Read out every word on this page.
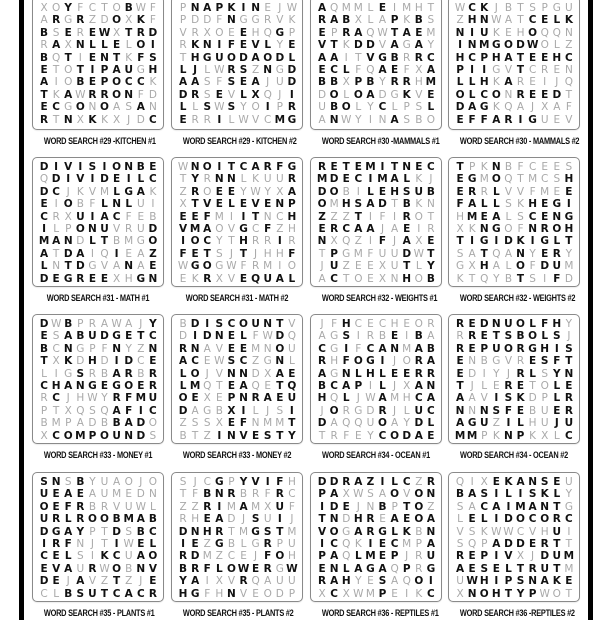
X O Y F C T O B W F
A R G R Z D O X K F
B S E R E W X T R D
R A X N L L E L O I
B Q T I E N T K F S
E T O T I P A U G H
A I O B E P O C C K
T K A W R R O N F D
E C G O N O A S A N
R T N X K K X J D C
WORD SEARCH #29 -KITCHEN #1
P N A P K I N E J W
P D D F N G G R V K
V R X O E E H Q G P
R K N I F E V L Y E
T H G U O D A O D L
L J L W R S Z N G D
A A S F S E A J U D
D R S E V L X Q J I
L L S W S Y O I P R
E R R I L W V C M G
WORD SEARCH #29 - KITCHEN #2
A Q M M L E I M H T
R A B X L A P K B S
E P R A Q W T A E M
V T K D D V A G A Y
A A I T V G B R R C
E C L F Q A E F X A
B B X P B Y R R H M
D O L O A D G K V E
U B O L Y C L P S L
A N W Y I N A S B O
WORD SEARCH #30 -MAMMALS #1
W C K J B T S P G U
Z H N W A T C E L K
N I U K E H O Q Q N
I N M G O D W O L Z
H C P H A T E E H C
P I I G V T C R E N
L L H K A R E I J Q
O L C O N R E E D T
D A G K Q A J X A F
E F F A R I G U E V
WORD SEARCH #30 - MAMMALS #2
D I V I S I O N B E
Q D I V I D E I L C
D C J K V M L G A K
E I O B F L N L U I
C R X U I A C F E B
I L P O N U V R U D
M A N D L T B M G O
A T D A I Q I E A Z
L N T D G V A N A E
D E G R E E X H G N
WORD SEARCH #31 - MATH #1
W N O I T C A R F G
T Y R N N L K U U R
Z R O E E Y W Y X A
X T V E L E V E N P
E E F M I I T N C H
V M A O V G C F Z H
I O C Y T H R R I R
F E T S J T J H H F
W G O G W F R M I O
E K R X V E Q U A L
WORD SEARCH #31 - MATH #2
R E T E M I T N E C
M D E C I M A L K J
D O B I L E H S U B
O M H S A D T B K N
Z Z Z T I F I R O T
E R C A A J A E I R
N X Q Z I F J A X E
T P G M F U U D W T
J U Z E E X U T L Y
A C T O E X N H O B
WORD SEARCH #32 - WEIGHTS #1
T P K N B F C E E S
E G M O Q T M C S H
E R R L V V F M E E
F A L L S K H E G I
H M E A L S C E N G
X K N G O F N R O H
T I G I D K I G L T
S A T Q A N Y E R Y
G X H A L O F D U M
K T Q Y B T S I F D
WORD SEARCH #32 - WEIGHTS #2
D W B P R A W A J Y
E S A B U D G E T C
B C N G P F N Y Z N
T X K D H D I D C E
L I G S R B A R B R
C H A N G E G O E R
R C J H W Y R F M U
P T X Q S Q A F I C
B M P A D B B A D O
X C O M P O U N D S
WORD SEARCH #33 - MONEY #1
B D I S C O U N T V
D I D N E L F W D Q
R N A V E E M N O U
A C E W S C Z G N L
L O J V N N D X A E
L M Q T E A Q E T Q
O E X E P N R A E U
D A G B X I L J S I
Z S S X E F N M M T
B T Z I N V E S T Y
WORD SEARCH #33 - MONEY #2
J F H C E C H E O R
A G S I R B E I B A
C G I F C A N M A B
R H F O G I J O R A
A G N L H L E E R R
B C A P I L J X A N
H Q L J W A M H C A
J O R G D R J L U C
D A Q Q U O A Y D L
T R F E Y C O D A E
WORD SEARCH #34 - OCEAN #1
R E D N U O L F H Y
R R E T S B O L S J
R E P U O R G H I S
E N B G V R E S F T
E D I Y J R L S Y N
T J L E R E T O L E
A A V I S K D P L R
N N N S F E B U E R
A G U Z I L H U J U
M M P K N P K X L C
WORD SEARCH #34 - OCEAN #2
S N S B Y U A O J O
U E A E A U M E D N
O E F R B R V U W L
U R L R O O B M A B
D G A Y P T D S B C
I R F N J T I W E L
C E L S I K C U A O
E V A U R W O B N V
D E J A V Z T Z J E
C L B S U T C A C R
WORD SEARCH #35 - PLANTS #1
S J C G P Y V I F H
T F B N R B R F R C
Z Z R I M A M X U F
R H E A D J S U I J
D N H R T M G S T M
I E Z G B L G R P U
R D M Z C E J F O H
B R F L O W E R G W
Y A I X V R Q A U U
H G F H N V E O D P
WORD SEARCH #35 - PLANTS #2
D D R A Z I L C Z R
P A X W S A O V O N
I D E J N B P T O Z
T N D H R E A E O A
V O G A R G L K B N
I C Q K I E C M P A
P A Q L M E P J R U
E N L A G A Q P R G
R A H Y E S A Q O I
X C X W M P E I K C
WORD SEARCH #36 - REPTILES #1
Q I X E K A N S E U
B A S I L I S K L Y
S A C A I M A N T G
L E L I D O C O R C
V S K W W C V H U I
S Q P A D D E R T T
R E P I V X J D U M
A E S E L T R U T M
U W H I P S N A K E
X N O H T Y P W O T
WORD SEARCH #36 -REPTILES #2
